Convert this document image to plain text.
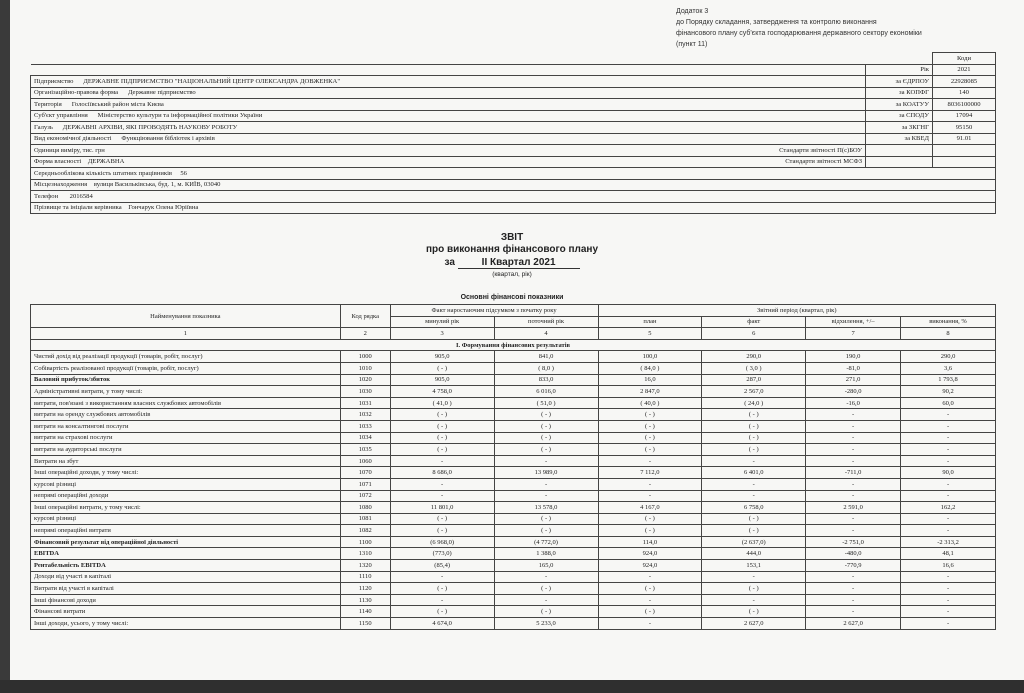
Додаток 3
до Порядку складання, затвердження та контролю виконання
фінансового плану суб'єкта господарювання державного сектору економіки
(пункт 11)
		Коди
	Рік	2021
Підприємство ДЕРЖАВНЕ ПІДПРИЄМСТВО "НАЦІОНАЛЬНИЙ ЦЕНТР ОЛЕКСАНДРА ДОВЖЕНКА"	за ЄДРПОУ	22928085
Організаційно-правова форма Державне підприємство	за КОПФГ	140
Територія Голосіївський район міста Києва	за КОАТУУ	8036100000
Суб'єкт управління Міністерство культури та інформаційної політики України	за СПОДУ	17094
Галузь ДЕРЖАВНІ АРХІВИ, ЯКІ ПРОВОДЯТЬ НАУКОВУ РОБОТУ	за ЗКГНГ	95150
Вид економічної діяльності Функціювання бібліотек і архівів	за КВЕД	91.01
Одиниця виміру, тис. грн Стандарти звітності П(с)БОУ		

Форма власності ДЕРЖАВНА Стандарти звітності МСФЗ		

Середньооблікова кількість штатних працівників 56		
Місцезнаходження вулиця Васильківська, буд. 1, м. КИЇВ, 03040		
Телефон 2016584		
Прізвище та ініціали керівника Гончарук Олена Юріївна		
ЗВІТ
про виконання фінансового плану
за	II Квартал 2021
(квартал, рік)
Основні фінансові показники
Найменування показника	Код рядка	Факт наростаючим підсумком з початку року		Звітний період (квартал, рік)			
		минулий рік	поточний рік	план	факт	відхилення, +/–	виконання, %
1	2	3	4	5	6	7	8
І. Формування фінансових результатів							
Чистий дохід від реалізації продукції (товарів, робіт, послуг)	1000	905,0	841,0	100,0	290,0	190,0	290,0
Собівартість реалізованої продукції (товарів, робіт, послуг)	1010	( - )	( 8,0 )	( 84,0 )	( 3,0 )	-81,0	3,6
Валовий прибуток/збиток	1020	905,0	833,0	16,0	287,0	271,0	1 793,8
Адміністративні витрати, у тому числі:	1030	4 758,0	6 016,0	2 847,0	2 567,0	-280,0	90,2
витрати, пов'язані з використанням власних службових автомобілів	1031	( 41,0 )	( 51,0 )	( 40,0 )	( 24,0 )	-16,0	60,0
витрати на оренду службових автомобілів	1032	( - )	( - )	( - )	( - )	-	-
витрати на консалтингові послуги	1033	( - )	( - )	( - )	( - )	-	-
витрати на страхові послуги	1034	( - )	( - )	( - )	( - )	-	-
витрати на аудиторські послуги	1035	( - )	( - )	( - )	( - )	-	-
Витрати на збут	1060	-	-	-	-	-	-
Інші операційні доходи, у тому числі:	1070	8 686,0	13 989,0	7 112,0	6 401,0	-711,0	90,0
курсові різниці	1071	-	-	-	-	-	-
непрямі операційні доходи	1072	-	-	-	-	-	-
Інші операційні витрати, у тому числі:	1080	11 801,0	13 578,0	4 167,0	6 758,0	2 591,0	162,2
курсові різниці	1081	( - )	( - )	( - )	( - )	-	-
непрямі операційні витрати	1082	( - )	( - )	( - )	( - )	-	-
Фінансовий результат від операційної діяльності	1100	(6 968,0)	(4 772,0)	114,0	(2 637,0)	-2 751,0	-2 313,2
EBITDA	1310	(773,0)	1 388,0	924,0	444,0	-480,0	48,1
Рентабельність EBITDA	1320	(85,4)	165,0	924,0	153,1	-770,9	16,6
Доходи від участі в капіталі	1110	-	-	-	-	-	-
Витрати від участі в капіталі	1120	( - )	( - )	( - )	( - )	-	-
Інші фінансові доходи	1130	-	-	-	-	-	-
Фінансові витрати	1140	( - )	( - )	( - )	( - )	-	-
Інші доходи, усього, у тому числі:	1150	4 674,0	5 233,0	-	2 627,0	2 627,0	-
